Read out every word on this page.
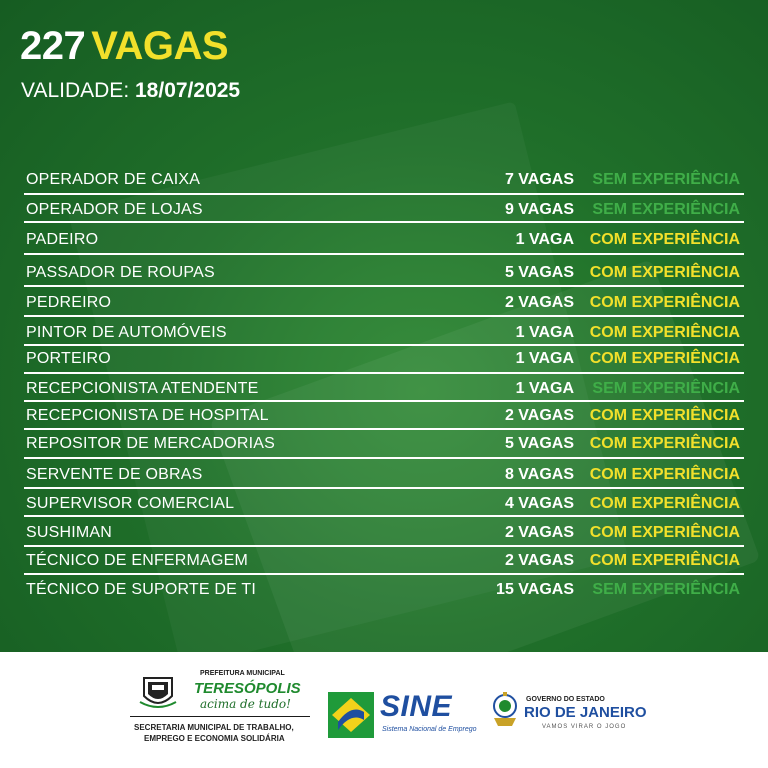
227 VAGAS
VALIDADE: 18/07/2025
OPERADOR DE CAIXA	7 VAGAS SEM EXPERIÊNCIA
OPERADOR DE LOJAS	9 VAGAS SEM EXPERIÊNCIA
PADEIRO	1 VAGA COM EXPERIÊNCIA
PASSADOR DE ROUPAS	5 VAGAS COM EXPERIÊNCIA
PEDREIRO	2 VAGAS COM EXPERIÊNCIA
PINTOR DE AUTOMÓVEIS	1 VAGA COM EXPERIÊNCIA
PORTEIRO	1 VAGA COM EXPERIÊNCIA
RECEPCIONISTA ATENDENTE	1 VAGA SEM EXPERIÊNCIA
RECEPCIONISTA DE HOSPITAL	2 VAGAS COM EXPERIÊNCIA
REPOSITOR DE MERCADORIAS	5 VAGAS COM EXPERIÊNCIA
SERVENTE DE OBRAS	8 VAGAS COM EXPERIÊNCIA
SUPERVISOR COMERCIAL	4 VAGAS COM EXPERIÊNCIA
SUSHIMAN	2 VAGAS COM EXPERIÊNCIA
TÉCNICO DE ENFERMAGEM	2 VAGAS COM EXPERIÊNCIA
TÉCNICO DE SUPORTE DE TI	15 VAGAS SEM EXPERIÊNCIA
PREFEITURA MUNICIPAL
TERESÓPOLIS
acima de tudo!
SECRETARIA MUNICIPAL DE TRABALHO,
EMPREGO E ECONOMIA SOLIDÁRIA
SINE
Sistema Nacional de Emprego
GOVERNO DO ESTADO
RIO DE JANEIRO
VAMOS VIRAR O JOGO
